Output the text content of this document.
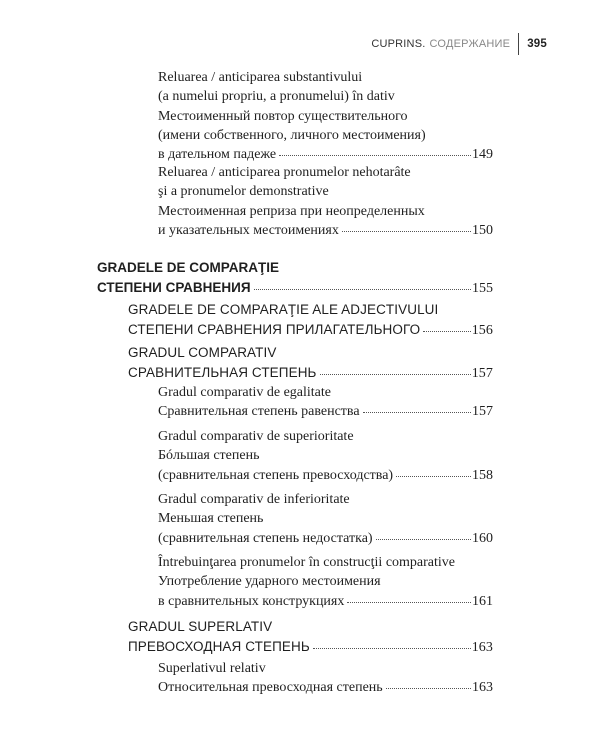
CUPRINS. СОДЕРЖАНИЕ 395
Reluarea / anticiparea substantivului
(a numelui propriu, a pronumelui) în dativ
Местоименный повтор существительного
(имени собственного, личного местоимения)
в дательном падеже	149
Reluarea / anticiparea pronumelor nehotarâte
şi a pronumelor demonstrative
Местоименная реприза при неопределенных
и указательных местоимениях	150
GRADELE DE COMPARAŢIE
СТЕПЕНИ СРАВНЕНИЯ	155
GRADELE DE COMPARAŢIE ALE ADJECTIVULUI
СТЕПЕНИ СРАВНЕНИЯ ПРИЛАГАТЕЛЬНОГО	156
GRADUL COMPARATIV
СРАВНИТЕЛЬНАЯ СТЕПЕНЬ	157
Gradul comparativ de egalitate
Сравнительная степень равенства	157
Gradul comparativ de superioritate
Бóльшая степень
(сравнительная степень превосходства)	158
Gradul comparativ de inferioritate
Меньшая степень
(сравнительная степень недостатка)	160
Întrebuinţarea pronumelor în construcţii comparative
Употребление ударного местоимения
в сравнительных конструкциях	161
GRADUL SUPERLATIV
ПРЕВОСХОДНАЯ СТЕПЕНЬ	163
Superlativul relativ
Относительная превосходная степень	163
